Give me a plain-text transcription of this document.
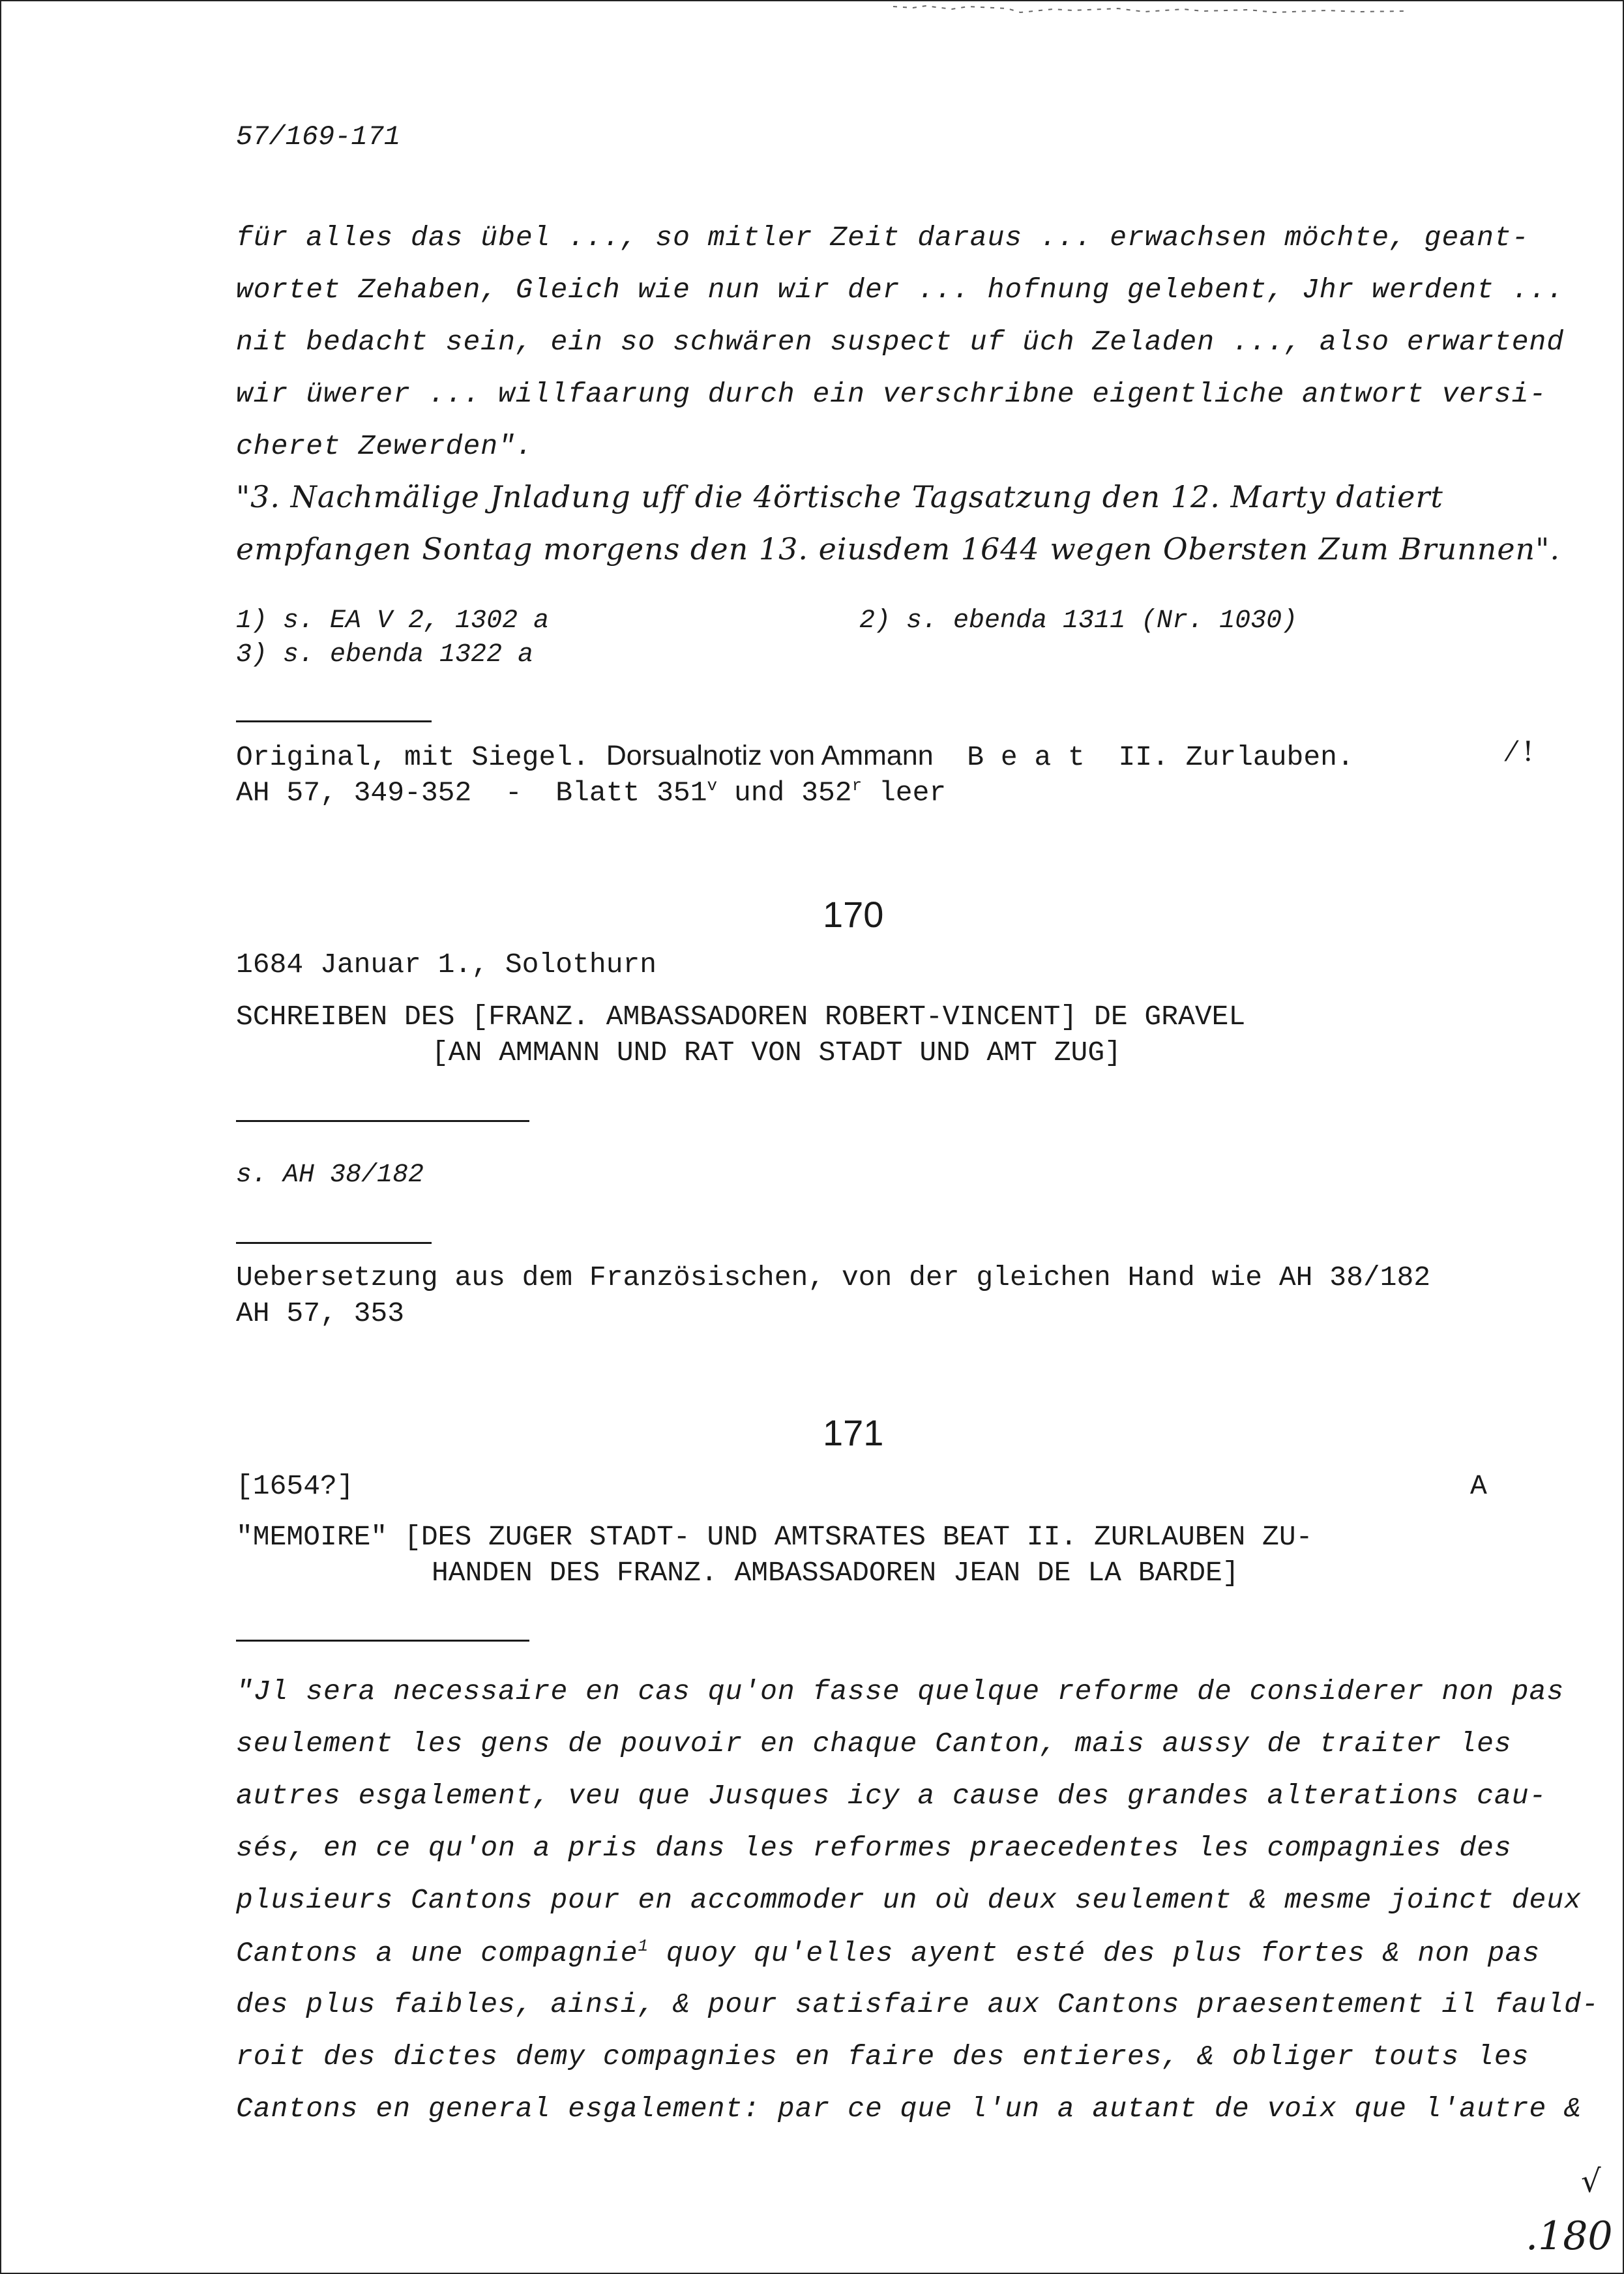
57/169-171
für alles das übel ..., so mitler Zeit daraus ... erwachsen möchte, geant-
wortet Zehaben, Gleich wie nun wir der ... hofnung gelebent, Jhr werdent ...
nit bedacht sein, ein so schwären suspect uf üch Zeladen ..., also erwartend
wir üwerer ... willfaarung durch ein verschribne eigentliche antwort versi-
cheret Zewerden".
"3. Nachmälige Jnladung uff die 4örtische Tagsatzung den 12. Marty datiert
empfangen Sontag morgens den 13. eiusdem 1644 wegen Obersten Zum Brunnen".
1) s. EA V 2, 1302 a	2) s. ebenda 1311 (Nr. 1030)
3) s. ebenda 1322 a
Original, mit Siegel. Dorsualnotiz von Ammann B e a t  II. Zurlauben.
AH 57, 349-352  -  Blatt 351$^v$ und 352$^r$ leer
⁄ !
170
1684 Januar 1., Solothurn
SCHREIBEN DES [FRANZ. AMBASSADOREN ROBERT-VINCENT] DE GRAVEL
[AN AMMANN UND RAT VON STADT UND AMT ZUG]
s. AH 38/182
Uebersetzung aus dem Französischen, von der gleichen Hand wie AH 38/182
AH 57, 353
171
[1654?]	A
"MEMOIRE" [DES ZUGER STADT- UND AMTSRATES BEAT II. ZURLAUBEN ZU-
HANDEN DES FRANZ. AMBASSADOREN JEAN DE LA BARDE]
"Jl sera necessaire en cas qu'on fasse quelque reforme de considerer non pas
seulement les gens de pouvoir en chaque Canton, mais aussy de traiter les
autres esgalement, veu que Jusques icy a cause des grandes alterations cau-
sés, en ce qu'on a pris dans les reformes praecedentes les compagnies des
plusieurs Cantons pour en accommoder un où deux seulement & mesme joinct deux
Cantons a une compagnie$^1$ quoy qu'elles ayent esté des plus fortes & non pas
des plus faibles, ainsi, & pour satisfaire aux Cantons praesentement il fauld-
roit des dictes demy compagnies en faire des entieres, & obliger touts les
Cantons en general esgalement: par ce que l'un a autant de voix que l'autre &
√
.180
